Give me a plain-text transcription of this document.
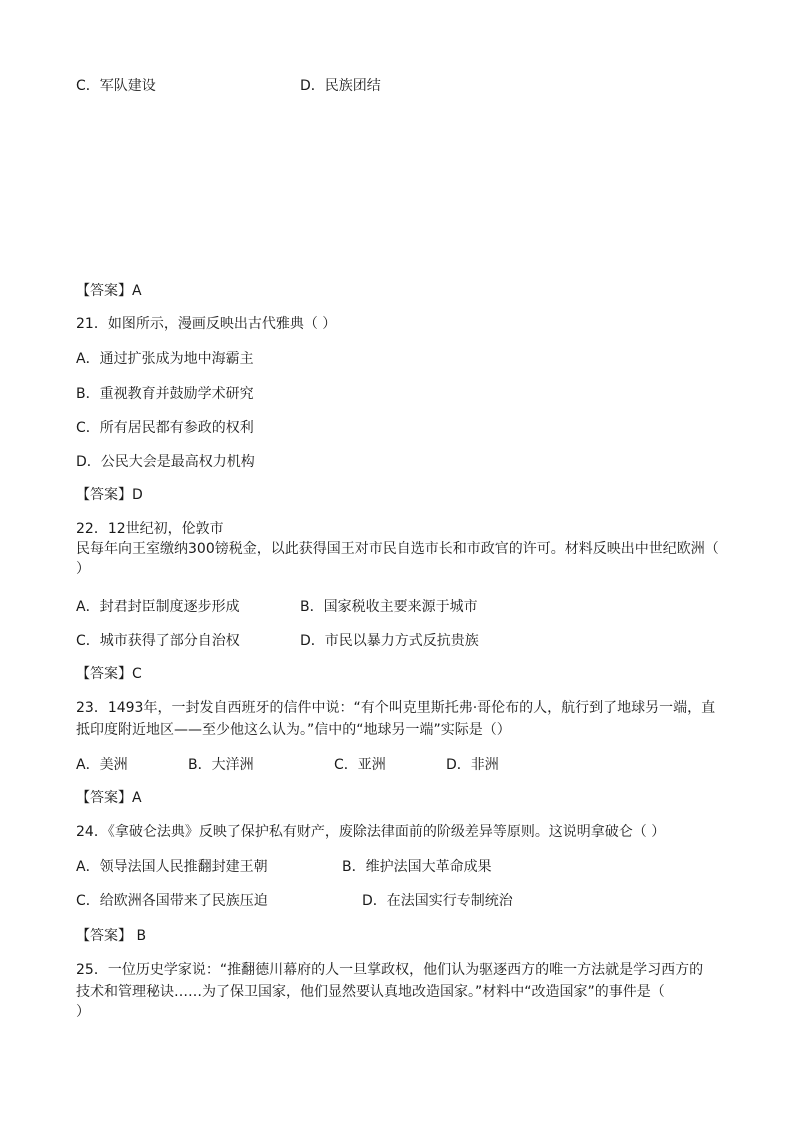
C．军队建设	D．民族团结
【答案】A
21．如图所示，漫画反映出古代雅典（ ）
A．通过扩张成为地中海霸主
B．重视教育并鼓励学术研究
C．所有居民都有参政的权利
D．公民大会是最高权力机构
【答案】D
22．12世纪初，伦敦市
民每年向王室缴纳300镑税金，以此获得国王对市民自选市长和市政官的许可。材料反映出中世纪欧洲（
）
A．封君封臣制度逐步形成	B．国家税收主要来源于城市
C．城市获得了部分自治权	D．市民以暴力方式反抗贵族
【答案】C
23．1493年，一封发自西班牙的信件中说：“有个叫克里斯托弗·哥伦布的人，航行到了地球另一端，直
抵印度附近地区——至少他这么认为。”信中的“地球另一端”实际是（）
A．美洲	B．大洋洲	C．亚洲	D．非洲
【答案】A
24．《拿破仑法典》反映了保护私有财产，废除法律面前的阶级差异等原则。这说明拿破仑（ ）
A．领导法国人民推翻封建王朝	B．维护法国大革命成果
C．给欧洲各国带来了民族压迫	D．在法国实行专制统治
【答案】 B
25．一位历史学家说：“推翻德川幕府的人一旦掌政权，他们认为驱逐西方的唯一方法就是学习西方的
技术和管理秘诀……为了保卫国家，他们显然要认真地改造国家。”材料中“改造国家”的事件是（
）
